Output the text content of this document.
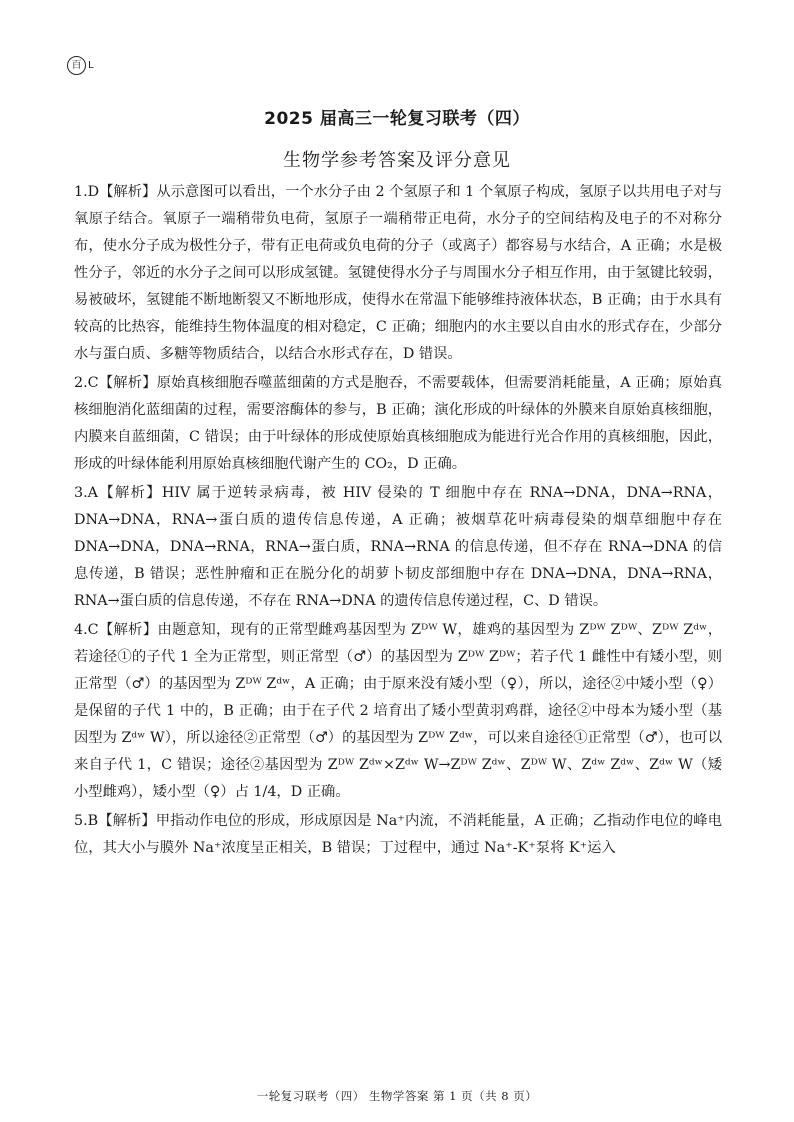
百 L
2025 届高三一轮复习联考（四）
生物学参考答案及评分意见

1.D【解析】从示意图可以看出，一个水分子由 2 个氢原子和 1 个氧原子构成，氢原子以共用电子对与氧原子结合。氧原子一端稍带负电荷，氢原子一端稍带正电荷，水分子的空间结构及电子的不对称分布，使水分子成为极性分子，带有正电荷或负电荷的分子（或离子）都容易与水结合，A 正确；水是极性分子，邻近的水分子之间可以形成氢键。氢键使得水分子与周围水分子相互作用，由于氢键比较弱，易被破坏，氢键能不断地断裂又不断地形成，使得水在常温下能够维持液体状态，B 正确；由于水具有较高的比热容，能维持生物体温度的相对稳定，C 正确；细胞内的水主要以自由水的形式存在，少部分水与蛋白质、多糖等物质结合，以结合水形式存在，D 错误。

2.C【解析】原始真核细胞吞噬蓝细菌的方式是胞吞，不需要载体，但需要消耗能量，A 正确；原始真核细胞消化蓝细菌的过程，需要溶酶体的参与，B 正确；演化形成的叶绿体的外膜来自原始真核细胞，内膜来自蓝细菌，C 错误；由于叶绿体的形成使原始真核细胞成为能进行光合作用的真核细胞，因此，形成的叶绿体能利用原始真核细胞代谢产生的 CO₂，D 正确。

3.A【解析】HIV 属于逆转录病毒，被 HIV 侵染的 T 细胞中存在 RNA→DNA，DNA→RNA，DNA→DNA，RNA→蛋白质的遗传信息传递，A 正确；被烟草花叶病毒侵染的烟草细胞中存在 DNA→DNA，DNA→RNA，RNA→蛋白质，RNA→RNA 的信息传递，但不存在 RNA→DNA 的信息传递，B 错误；恶性肿瘤和正在脱分化的胡萝卜韧皮部细胞中存在 DNA→DNA，DNA→RNA，RNA→蛋白质的信息传递，不存在 RNA→DNA 的遗传信息传递过程，C、D 错误。

4.C【解析】由题意知，现有的正常型雌鸡基因型为 Zᴰᵂ W，雄鸡的基因型为 Zᴰᵂ Zᴰᵂ、Zᴰᵂ Zᵈʷ，若途径①的子代 1 全为正常型，则正常型（♂）的基因型为 Zᴰᵂ Zᴰᵂ；若子代 1 雌性中有矮小型，则正常型（♂）的基因型为 Zᴰᵂ Zᵈʷ，A 正确；由于原来没有矮小型（♀），所以，途径②中矮小型（♀）是保留的子代 1 中的，B 正确；由于在子代 2 培育出了矮小型黄羽鸡群，途径②中母本为矮小型（基因型为 Zᵈʷ W），所以途径②正常型（♂）的基因型为 Zᴰᵂ Zᵈʷ，可以来自途径①正常型（♂），也可以来自子代 1，C 错误；途径②基因型为 Zᴰᵂ Zᵈʷ×Zᵈʷ W→Zᴰᵂ Zᵈʷ、Zᴰᵂ W、Zᵈʷ Zᵈʷ、Zᵈʷ W（矮小型雌鸡），矮小型（♀）占 1/4，D 正确。

5.B【解析】甲指动作电位的形成，形成原因是 Na⁺内流，不消耗能量，A 正确；乙指动作电位的峰电位，其大小与膜外 Na⁺浓度呈正相关，B 错误；丁过程中，通过 Na⁺-K⁺泵将 K⁺运入

一轮复习联考（四） 生物学答案 第 1 页（共 8 页）
